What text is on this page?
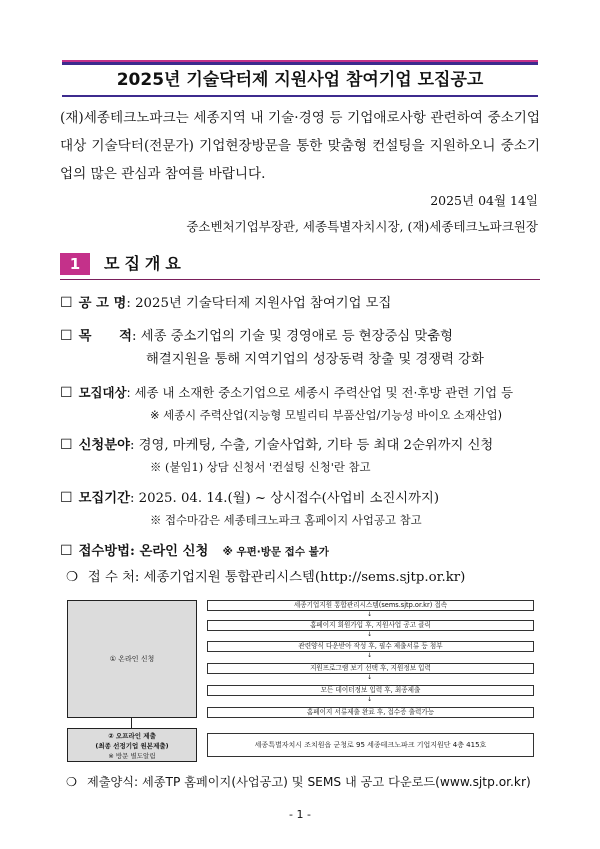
2025년 기술닥터제 지원사업 참여기업 모집공고
(재)세종테크노파크는 세종지역 내 기술·경영 등 기업애로사항 관련하여 중소기업 대상 기술닥터(전문가) 기업현장방문을 통한 맞춤형 컨설팅을 지원하오니 중소기업의 많은 관심과 참여를 바랍니다.
2025년 04월 14일
중소벤처기업부장관, 세종특별자치시장, (재)세종테크노파크원장
1	모집개요
☐ 공 고 명: 2025년 기술닥터제 지원사업 참여기업 모집
☐ 목      적: 세종 중소기업의 기술 및 경영애로 등 현장중심 맞춤형
해결지원을 통해 지역기업의 성장동력 창출 및 경쟁력 강화
☐ 모집대상: 세종 내 소재한 중소기업으로 세종시 주력산업 및 전·후방 관련 기업 등
※ 세종시 주력산업(지능형 모빌리티 부품산업/기능성 바이오 소재산업)
☐ 신청분야: 경영, 마케팅, 수출, 기술사업화, 기타 등 최대 2순위까지 신청
※ (붙임1) 상담 신청서 '컨설팅 신청'란 참고
☐ 모집기간: 2025. 04. 14.(월) ~ 상시접수(사업비 소진시까지)
※ 접수마감은 세종테크노파크 홈페이지 사업공고 참고
☐ 접수방법: 온라인 신청 ※ 우편·방문 접수 불가
❍ 접 수 처: 세종기업지원 통합관리시스템(http://sems.sjtp.or.kr)
① 온라인 신청
② 오프라인 제출
(최종 선정기업 원본제출)
※ 방문 별도알림
세종기업지원 통합관리시스템(sems.sjtp.or.kr) 접속
↓
홈페이지 회원가입 후, 지원사업 공고 클릭
↓
관련양식 다운받아 작성 후, 필수 제출서류 등 첨부
↓
지원프로그램 보기 선택 후, 지원정보 입력
↓
모든 데이터정보 입력 후, 최종제출
↓
홈페이지 서류제출 완료 후, 접수증 출력가능
세종특별자치시 조치원읍 군청로 95 세종테크노파크 기업지원단 4층 415호
❍ 제출양식: 세종TP 홈페이지(사업공고) 및 SEMS 내 공고 다운로드(www.sjtp.or.kr)
- 1 -
